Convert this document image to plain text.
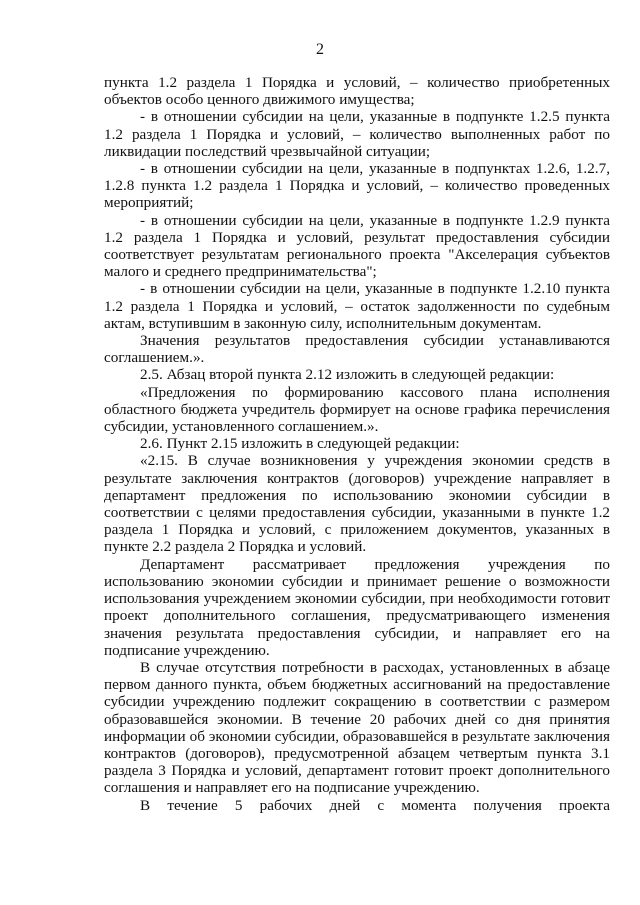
2

пункта 1.2 раздела 1 Порядка и условий, – количество приобретенных объектов особо ценного движимого имущества;

- в отношении субсидии на цели, указанные в подпункте 1.2.5 пункта 1.2 раздела 1 Порядка и условий, – количество выполненных работ по ликвидации последствий чрезвычайной ситуации;

- в отношении субсидии на цели, указанные в подпунктах 1.2.6, 1.2.7, 1.2.8 пункта 1.2 раздела 1 Порядка и условий, – количество проведенных мероприятий;

- в отношении субсидии на цели, указанные в подпункте 1.2.9 пункта 1.2 раздела 1 Порядка и условий, результат предоставления субсидии соответствует результатам регионального проекта "Акселерация субъектов малого и среднего предпринимательства";

- в отношении субсидии на цели, указанные в подпункте 1.2.10 пункта 1.2 раздела 1 Порядка и условий, – остаток задолженности по судебным актам, вступившим в законную силу, исполнительным документам.

Значения результатов предоставления субсидии устанавливаются соглашением.».

2.5. Абзац второй пункта 2.12 изложить в следующей редакции:

«Предложения по формированию кассового плана исполнения областного бюджета учредитель формирует на основе графика перечисления субсидии, установленного соглашением.».

2.6. Пункт 2.15 изложить в следующей редакции:

«2.15. В случае возникновения у учреждения экономии средств в результате заключения контрактов (договоров) учреждение направляет в департамент предложения по использованию экономии субсидии в соответствии с целями предоставления субсидии, указанными в пункте 1.2 раздела 1 Порядка и условий, с приложением документов, указанных в пункте 2.2 раздела 2 Порядка и условий.

Департамент рассматривает предложения учреждения по использованию экономии субсидии и принимает решение о возможности использования учреждением экономии субсидии, при необходимости готовит проект дополнительного соглашения, предусматривающего изменения значения результата предоставления субсидии, и направляет его на подписание учреждению.

В случае отсутствия потребности в расходах, установленных в абзаце первом данного пункта, объем бюджетных ассигнований на предоставление субсидии учреждению подлежит сокращению в соответствии с размером образовавшейся экономии. В течение 20 рабочих дней со дня принятия информации об экономии субсидии, образовавшейся в результате заключения контрактов (договоров), предусмотренной абзацем четвертым пункта 3.1 раздела 3 Порядка и условий, департамент готовит проект дополнительного соглашения и направляет его на подписание учреждению.

В течение 5 рабочих дней с момента получения проекта
